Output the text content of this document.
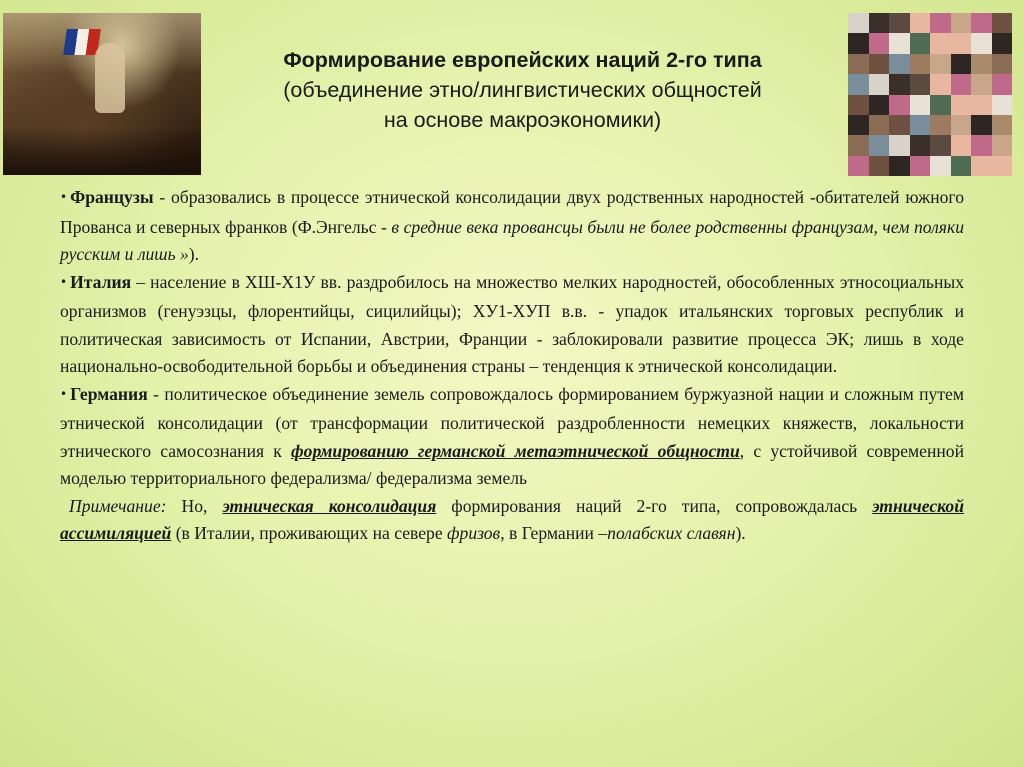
Формирование европейских наций 2-го типа
(объединение этно/лингвистических общностей
на основе макроэкономики)

• Французы - образовались в процессе этнической консолидации двух родственных народностей -обитателей южного Прованса и северных франков (Ф.Энгельс - в средние века провансцы были не более родственны французам, чем поляки русским и лишь »).

• Италия – население в ХШ-Х1У вв. раздробилось на множество мелких народностей, обособленных этносоциальных организмов (генуэзцы, флорентийцы, сицилийцы); ХУ1-ХУП в.в. - упадок итальянских торговых республик и политическая зависимость от Испании, Австрии, Франции - заблокировали развитие процесса ЭК; лишь в ходе национально-освободительной борьбы и объединения страны – тенденция к этнической консолидации.

• Германия - политическое объединение земель сопровождалось формированием буржуазной нации и сложным путем этнической консолидации (от трансформации политической раздробленности немецких княжеств, локальности этнического самосознания к формированию германской метаэтнической общности, с устойчивой современной моделью территориального федерализма/ федерализма земель

Примечание: Но, этническая консолидация формирования наций 2-го типа, сопровождалась этнической ассимиляцией (в Италии, проживающих на севере фризов, в Германии –полабских славян).
